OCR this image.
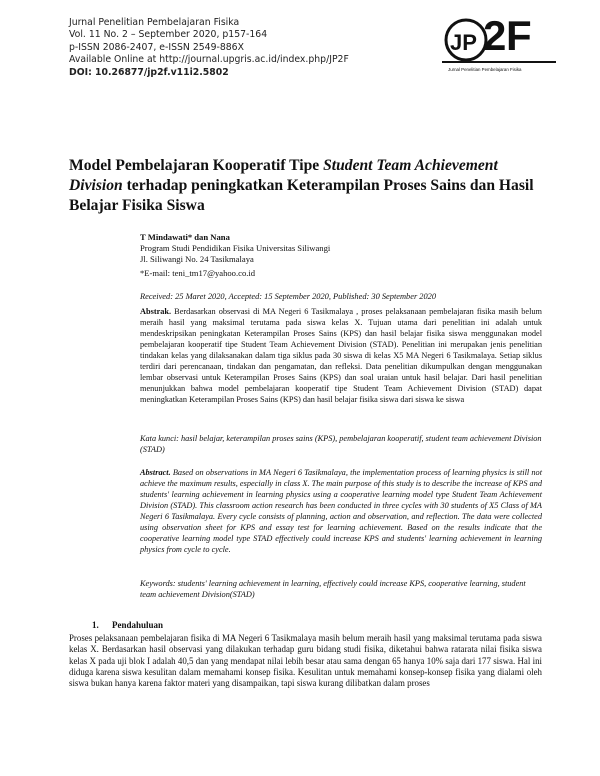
Jurnal Penelitian Pembelajaran Fisika
Vol. 11 No. 2 – September 2020, p157-164
p-ISSN 2086-2407, e-ISSN 2549-886X
Available Online at http://journal.upgris.ac.id/index.php/JP2F
DOI: 10.26877/jp2f.v11i2.5802
JP 2 F
Jurnal Penelitian Pembelajaran Fisika
Model Pembelajaran Kooperatif Tipe Student Team Achievement Division terhadap peningkatkan Keterampilan Proses Sains dan Hasil Belajar Fisika Siswa
T Mindawati* dan Nana
Program Studi Pendidikan Fisika Universitas Siliwangi
Jl. Siliwangi No. 24 Tasikmalaya
*E-mail: teni_tm17@yahoo.co.id
Received: 25 Maret 2020, Accepted: 15 September 2020, Published: 30 September 2020
Abstrak. Berdasarkan observasi di MA Negeri 6 Tasikmalaya , proses pelaksanaan pembelajaran fisika masih belum meraih hasil yang maksimal terutama pada siswa kelas X. Tujuan utama dari penelitian ini adalah untuk mendeskripsikan peningkatan Keterampilan Proses Sains (KPS) dan hasil belajar fisika siswa menggunakan model pembelajaran kooperatif tipe Student Team Achievement Division (STAD). Penelitian ini merupakan jenis penelitian tindakan kelas yang dilaksanakan dalam tiga siklus pada 30 siswa di kelas X5 MA Negeri 6 Tasikmalaya. Setiap siklus terdiri dari perencanaan, tindakan dan pengamatan, dan refleksi. Data penelitian dikumpulkan dengan menggunakan lembar observasi untuk Keterampilan Proses Sains (KPS) dan soal uraian untuk hasil belajar. Dari hasil penelitian menunjukkan bahwa model pembelajaran kooperatif tipe Student Team Achievement Division (STAD) dapat meningkatkan Keterampilan Proses Sains (KPS) dan hasil belajar fisika siswa dari siswa ke siswa
Kata kunci: hasil belajar, keterampilan proses sains (KPS), pembelajaran kooperatif, student team achievement Division (STAD)
Abstract. Based on observations in MA Negeri 6 Tasikmalaya, the implementation process of learning physics is still not achieve the maximum results, especially in class X. The main purpose of this study is to describe the increase of KPS and students' learning achievement in learning physics using a cooperative learning model type Student Team Achievement Division (STAD). This classroom action research has been conducted in three cycles with 30 students of X5 Class of MA Negeri 6 Tasikmalaya. Every cycle consists of planning, action and observation, and reflection. The data were collected using observation sheet for KPS and essay test for learning achievement. Based on the results indicate that the cooperative learning model type STAD effectively could increase KPS and students' learning achievement in learning physics from cycle to cycle.
Keywords: students' learning achievement in learning, effectively could increase KPS, cooperative learning, student team achievement Division(STAD)
1. Pendahuluan
Proses pelaksanaan pembelajaran fisika di MA Negeri 6 Tasikmalaya masih belum meraih hasil yang maksimal terutama pada siswa kelas X. Berdasarkan hasil observasi yang dilakukan terhadap guru bidang studi fisika, diketahui bahwa ratarata nilai fisika siswa kelas X pada uji blok I adalah 40,5 dan yang mendapat nilai lebih besar atau sama dengan 65 hanya 10% saja dari 177 siswa. Hal ini diduga karena siswa kesulitan dalam memahami konsep fisika. Kesulitan untuk memahami konsep-konsep fisika yang dialami oleh siswa bukan hanya karena faktor materi yang disampaikan, tapi siswa kurang dilibatkan dalam proses
